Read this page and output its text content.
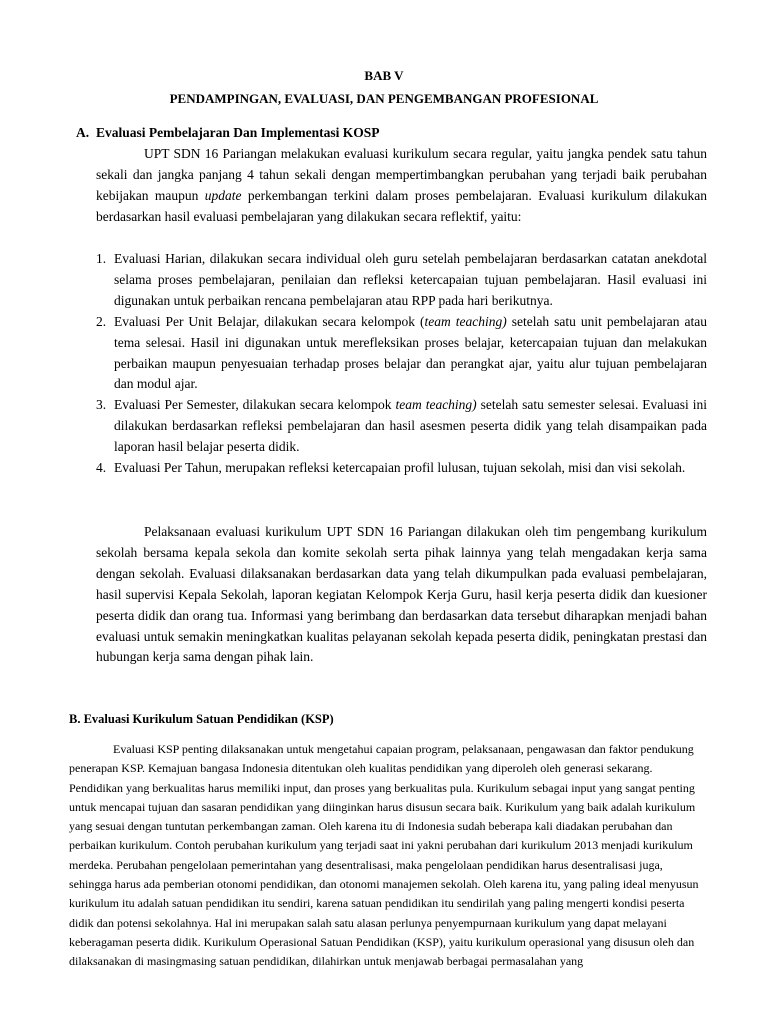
BAB V
PENDAMPINGAN, EVALUASI, DAN PENGEMBANGAN PROFESIONAL
A. Evaluasi Pembelajaran Dan Implementasi KOSP

UPT SDN 16 Pariangan melakukan evaluasi kurikulum secara regular, yaitu jangka pendek satu tahun sekali dan jangka panjang 4 tahun sekali dengan mempertimbangkan perubahan yang terjadi baik perubahan kebijakan maupun update perkembangan terkini dalam proses pembelajaran. Evaluasi kurikulum dilakukan berdasarkan hasil evaluasi pembelajaran yang dilakukan secara reflektif, yaitu:

1. Evaluasi Harian, dilakukan secara individual oleh guru setelah pembelajaran berdasarkan catatan anekdotal selama proses pembelajaran, penilaian dan refleksi ketercapaian tujuan pembelajaran. Hasil evaluasi ini digunakan untuk perbaikan rencana pembelajaran atau RPP pada hari berikutnya.
2. Evaluasi Per Unit Belajar, dilakukan secara kelompok (team teaching) setelah satu unit pembelajaran atau tema selesai. Hasil ini digunakan untuk merefleksikan proses belajar, ketercapaian tujuan dan melakukan perbaikan maupun penyesuaian terhadap proses belajar dan perangkat ajar, yaitu alur tujuan pembelajaran dan modul ajar.
3. Evaluasi Per Semester, dilakukan secara kelompok team teaching) setelah satu semester selesai. Evaluasi ini dilakukan berdasarkan refleksi pembelajaran dan hasil asesmen peserta didik yang telah disampaikan pada laporan hasil belajar peserta didik.
4. Evaluasi Per Tahun, merupakan refleksi ketercapaian profil lulusan, tujuan sekolah, misi dan visi sekolah.

Pelaksanaan evaluasi kurikulum UPT SDN 16 Pariangan dilakukan oleh tim pengembang kurikulum sekolah bersama kepala sekola dan komite sekolah serta pihak lainnya yang telah mengadakan kerja sama dengan sekolah. Evaluasi dilaksanakan berdasarkan data yang telah dikumpulkan pada evaluasi pembelajaran, hasil supervisi Kepala Sekolah, laporan kegiatan Kelompok Kerja Guru, hasil kerja peserta didik dan kuesioner peserta didik dan orang tua. Informasi yang berimbang dan berdasarkan data tersebut diharapkan menjadi bahan evaluasi untuk semakin meningkatkan kualitas pelayanan sekolah kepada peserta didik, peningkatan prestasi dan hubungan kerja sama dengan pihak lain.

B. Evaluasi Kurikulum Satuan Pendidikan (KSP)

Evaluasi KSP penting dilaksanakan untuk mengetahui capaian program, pelaksanaan, pengawasan dan faktor pendukung penerapan KSP. Kemajuan bangasa Indonesia ditentukan oleh kualitas pendidikan yang diperoleh oleh generasi sekarang. Pendidikan yang berkualitas harus memiliki input, dan proses yang berkualitas pula. Kurikulum sebagai input yang sangat penting untuk mencapai tujuan dan sasaran pendidikan yang diinginkan harus disusun secara baik. Kurikulum yang baik adalah kurikulum yang sesuai dengan tuntutan perkembangan zaman. Oleh karena itu di Indonesia sudah beberapa kali diadakan perubahan dan perbaikan kurikulum. Contoh perubahan kurikulum yang terjadi saat ini yakni perubahan dari kurikulum 2013 menjadi kurikulum merdeka. Perubahan pengelolaan pemerintahan yang desentralisasi, maka pengelolaan pendidikan harus desentralisasi juga, sehingga harus ada pemberian otonomi pendidikan, dan otonomi manajemen sekolah. Oleh karena itu, yang paling ideal menyusun kurikulum itu adalah satuan pendidikan itu sendiri, karena satuan pendidikan itu sendirilah yang paling mengerti kondisi peserta didik dan potensi sekolahnya. Hal ini merupakan salah satu alasan perlunya penyempurnaan kurikulum yang dapat melayani keberagaman peserta didik. Kurikulum Operasional Satuan Pendidikan (KSP), yaitu kurikulum operasional yang disusun oleh dan dilaksanakan di masingmasing satuan pendidikan, dilahirkan untuk menjawab berbagai permasalahan yang
